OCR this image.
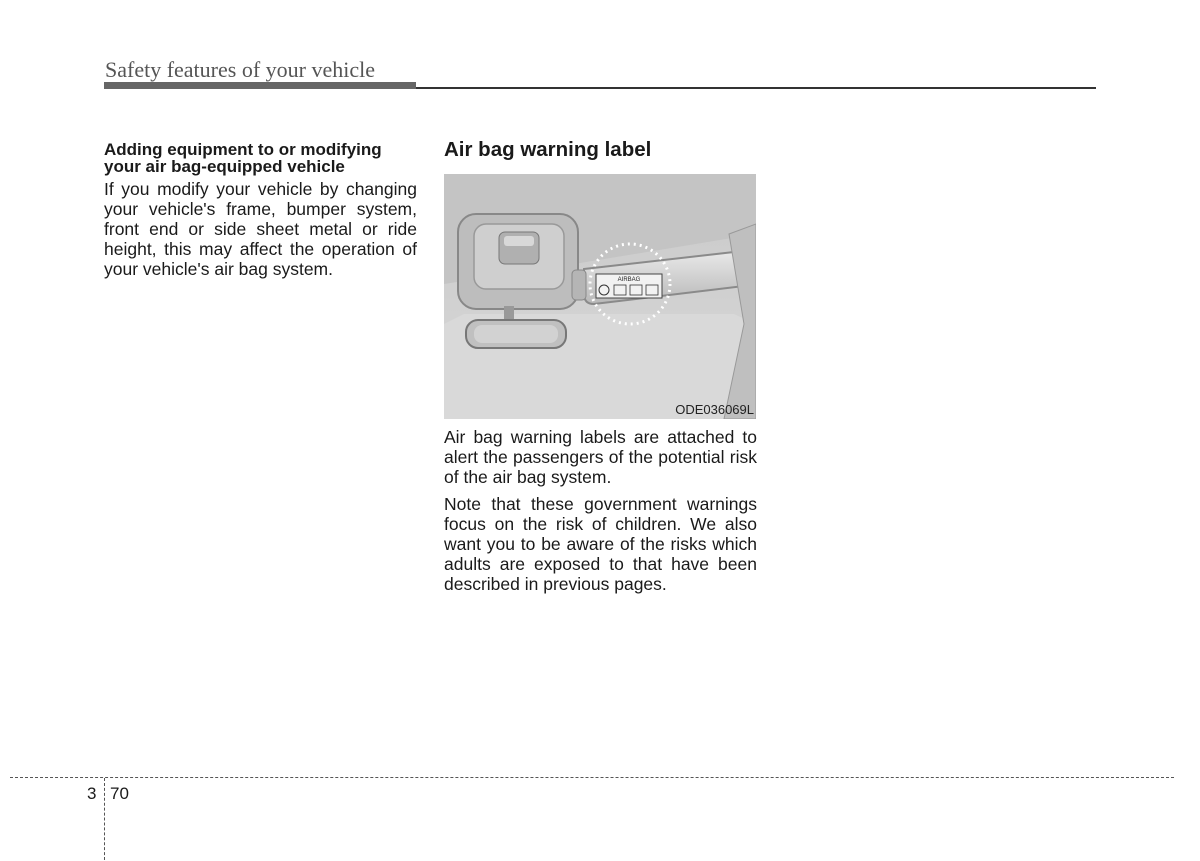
Safety features of your vehicle

Adding equipment to or modifying your air bag-equipped vehicle

If you modify your vehicle by changing your vehicle's frame, bumper system, front end or side sheet metal or ride height, this may affect the operation of your vehicle's air bag system.

Air bag warning label
AIRBAG
ODE036069L

Air bag warning labels are attached to alert the passengers of the potential risk of the air bag system.

Note that these government warnings focus on the risk of children. We also want you to be aware of the risks which adults are exposed to that have been described in previous pages.

3 70
